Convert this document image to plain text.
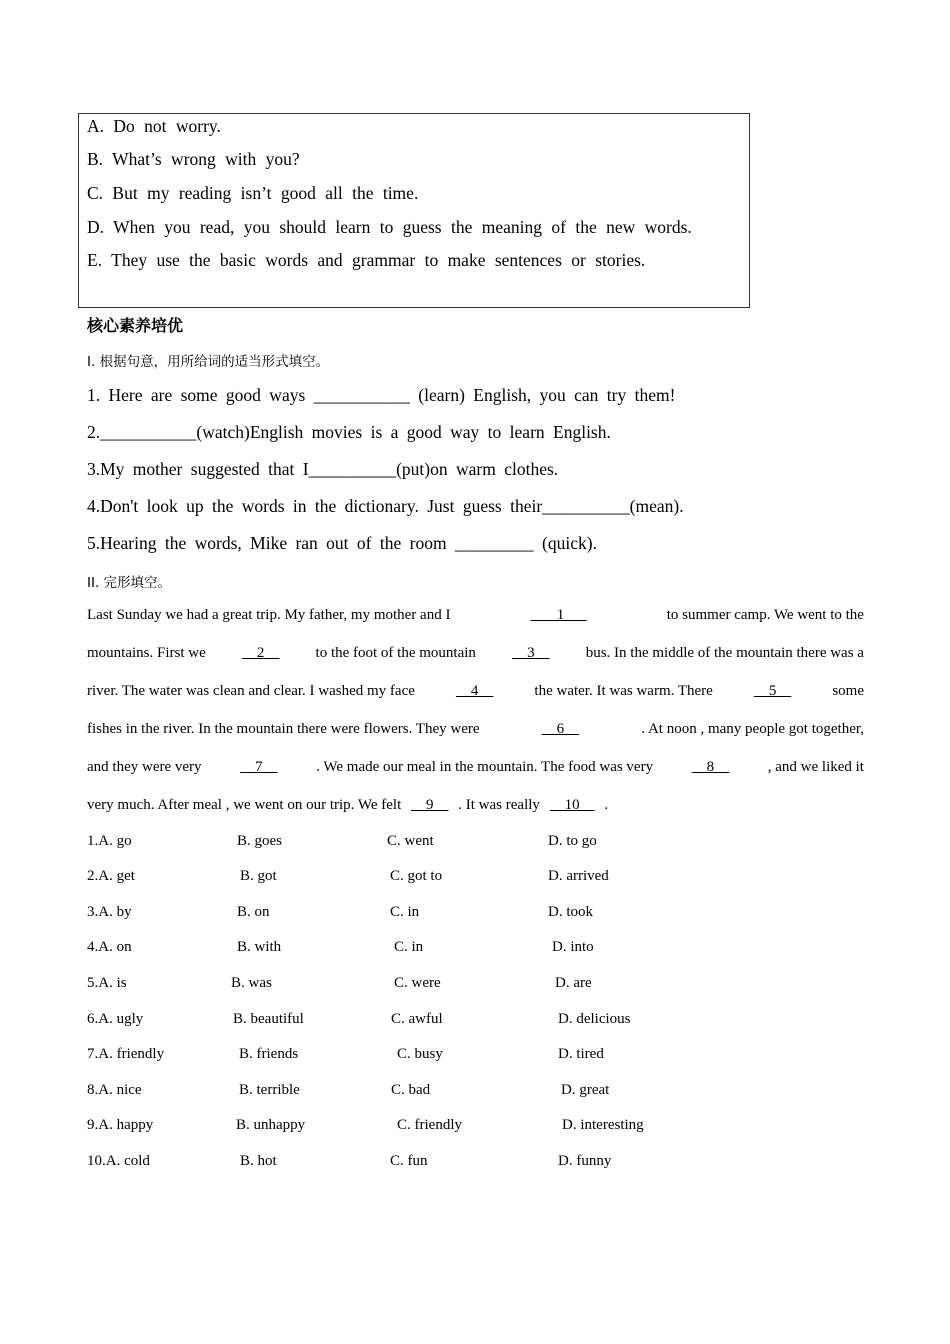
A. Do not worry.
B. What’s wrong with you?
C. But my reading isn’t good all the time.
D. When you read, you should learn to guess the meaning of the new words.
E. They use the basic words and grammar to make sentences or stories.
核心素养培优
I. 根据句意，用所给词的适当形式填空。
1. Here are some good ways ___________ (learn) English, you can try them!
2.___________(watch)English movies is a good way to learn English.
3.My mother suggested that I__________(put)on warm clothes.
4.Don't look up the words in the dictionary. Just guess their__________(mean).
5.Hearing the words, Mike ran out of the room _________ (quick).
II. 完形填空。
Last Sunday we had a great trip. My father, my mother and I	1	to summer camp. We went to the
mountains. First we 2 to the foot of the mountain 3 bus. In the middle of the mountain there was a
river. The water was clean and clear. I washed my face	4	the water. It was warm. There	5	some
fishes in the river. In the mountain there were flowers. They were	6	. At noon , many people got together,
and they were very	7	. We made our meal in the mountain. The food was very	8	, and we liked it
very much. After meal , we went on our trip. We felt     9     . It was really     10     .
1.A. go	B. goes	C. went	D. to go
2.A. get	B. got	C. got to	D. arrived
3.A. by	B. on	C. in	D. took
4.A. on	B. with	C. in	D. into
5.A. is	B. was	C. were	D. are
6.A. ugly	B. beautiful	C. awful	D. delicious
7.A. friendly	B. friends	C. busy	D. tired
8.A. nice	B. terrible	C. bad	D. great
9.A. happy	B. unhappy	C. friendly	D. interesting
10.A. cold	B. hot	C. fun	D. funny
